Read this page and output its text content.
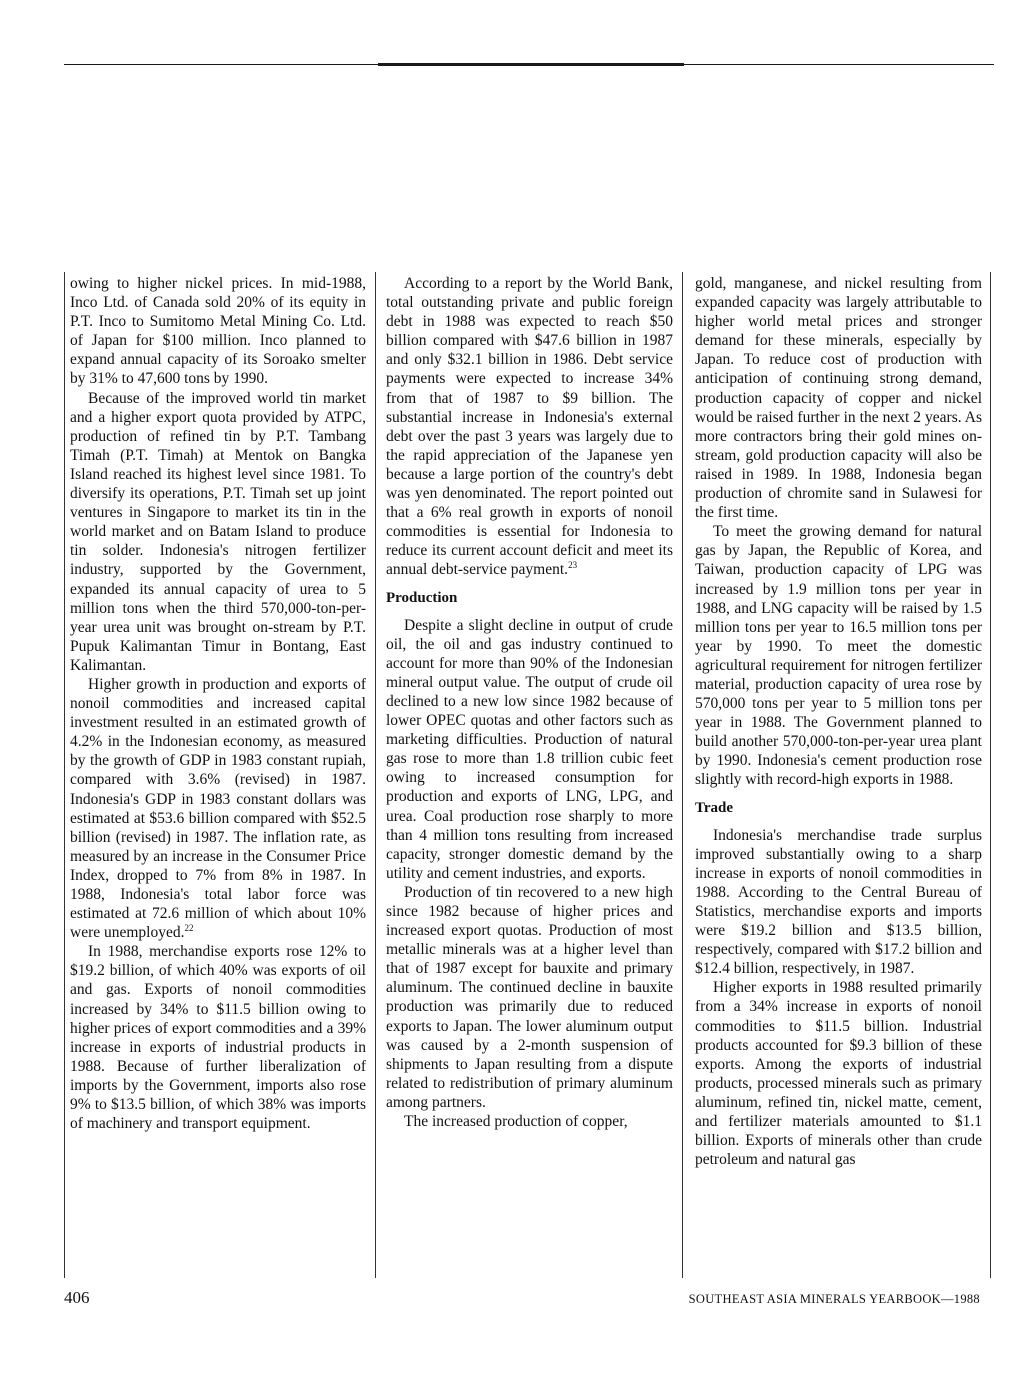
owing to higher nickel prices. In mid-1988, Inco Ltd. of Canada sold 20% of its equity in P.T. Inco to Sumitomo Metal Mining Co. Ltd. of Japan for $100 million. Inco planned to expand annual capacity of its Soroako smelter by 31% to 47,600 tons by 1990.

Because of the improved world tin market and a higher export quota provided by ATPC, production of refined tin by P.T. Tambang Timah (P.T. Timah) at Mentok on Bangka Island reached its highest level since 1981. To diversify its operations, P.T. Timah set up joint ventures in Singapore to market its tin in the world market and on Batam Island to produce tin solder. Indonesia's nitrogen fertilizer industry, supported by the Government, expanded its annual capacity of urea to 5 million tons when the third 570,000-ton-per-year urea unit was brought on-stream by P.T. Pupuk Kalimantan Timur in Bontang, East Kalimantan.

Higher growth in production and exports of nonoil commodities and increased capital investment resulted in an estimated growth of 4.2% in the Indonesian economy, as measured by the growth of GDP in 1983 constant rupiah, compared with 3.6% (revised) in 1987. Indonesia's GDP in 1983 constant dollars was estimated at $53.6 billion compared with $52.5 billion (revised) in 1987. The inflation rate, as measured by an increase in the Consumer Price Index, dropped to 7% from 8% in 1987. In 1988, Indonesia's total labor force was estimated at 72.6 million of which about 10% were unemployed.$^{22}$

In 1988, merchandise exports rose 12% to $19.2 billion, of which 40% was exports of oil and gas. Exports of nonoil commodities increased by 34% to $11.5 billion owing to higher prices of export commodities and a 39% increase in exports of industrial products in 1988. Because of further liberalization of imports by the Government, imports also rose 9% to $13.5 billion, of which 38% was imports of machinery and transport equipment.

According to a report by the World Bank, total outstanding private and public foreign debt in 1988 was expected to reach $50 billion compared with $47.6 billion in 1987 and only $32.1 billion in 1986. Debt service payments were expected to increase 34% from that of 1987 to $9 billion. The substantial increase in Indonesia's external debt over the past 3 years was largely due to the rapid appreciation of the Japanese yen because a large portion of the country's debt was yen denominated. The report pointed out that a 6% real growth in exports of nonoil commodities is essential for Indonesia to reduce its current account deficit and meet its annual debt-service payment.$^{23}$

Production

Despite a slight decline in output of crude oil, the oil and gas industry continued to account for more than 90% of the Indonesian mineral output value. The output of crude oil declined to a new low since 1982 because of lower OPEC quotas and other factors such as marketing difficulties. Production of natural gas rose to more than 1.8 trillion cubic feet owing to increased consumption for production and exports of LNG, LPG, and urea. Coal production rose sharply to more than 4 million tons resulting from increased capacity, stronger domestic demand by the utility and cement industries, and exports.

Production of tin recovered to a new high since 1982 because of higher prices and increased export quotas. Production of most metallic minerals was at a higher level than that of 1987 except for bauxite and primary aluminum. The continued decline in bauxite production was primarily due to reduced exports to Japan. The lower aluminum output was caused by a 2-month suspension of shipments to Japan resulting from a dispute related to redistribution of primary aluminum among partners.

The increased production of copper,

gold, manganese, and nickel resulting from expanded capacity was largely attributable to higher world metal prices and stronger demand for these minerals, especially by Japan. To reduce cost of production with anticipation of continuing strong demand, production capacity of copper and nickel would be raised further in the next 2 years. As more contractors bring their gold mines on-stream, gold production capacity will also be raised in 1989. In 1988, Indonesia began production of chromite sand in Sulawesi for the first time.

To meet the growing demand for natural gas by Japan, the Republic of Korea, and Taiwan, production capacity of LPG was increased by 1.9 million tons per year in 1988, and LNG capacity will be raised by 1.5 million tons per year to 16.5 million tons per year by 1990. To meet the domestic agricultural requirement for nitrogen fertilizer material, production capacity of urea rose by 570,000 tons per year to 5 million tons per year in 1988. The Government planned to build another 570,000-ton-per-year urea plant by 1990. Indonesia's cement production rose slightly with record-high exports in 1988.

Trade

Indonesia's merchandise trade surplus improved substantially owing to a sharp increase in exports of nonoil commodities in 1988. According to the Central Bureau of Statistics, merchandise exports and imports were $19.2 billion and $13.5 billion, respectively, compared with $17.2 billion and $12.4 billion, respectively, in 1987.

Higher exports in 1988 resulted primarily from a 34% increase in exports of nonoil commodities to $11.5 billion. Industrial products accounted for $9.3 billion of these exports. Among the exports of industrial products, processed minerals such as primary aluminum, refined tin, nickel matte, cement, and fertilizer materials amounted to $1.1 billion. Exports of minerals other than crude petroleum and natural gas

406	SOUTHEAST ASIA MINERALS YEARBOOK—1988
